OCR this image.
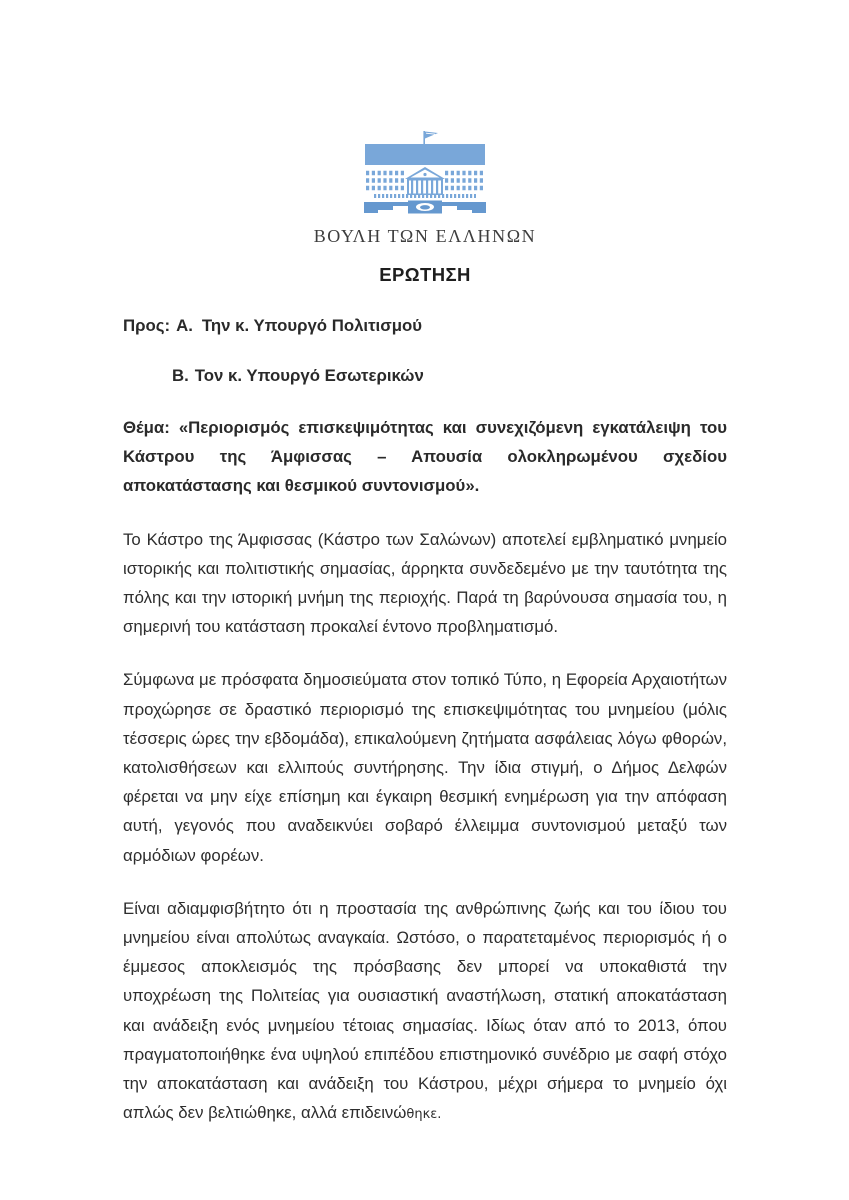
ΒΟΥΛΗ ΤΩΝ ΕΛΛΗΝΩΝ
ΕΡΩΤΗΣΗ
Προς: Α. Την κ. Υπουργό Πολιτισμού
Β. Τον κ. Υπουργό Εσωτερικών

Θέμα: «Περιορισμός επισκεψιμότητας και συνεχιζόμενη εγκατάλειψη του Κάστρου της Άμφισσας – Απουσία ολοκληρωμένου σχεδίου αποκατάστασης και θεσμικού συντονισμού».

Το Κάστρο της Άμφισσας (Κάστρο των Σαλώνων) αποτελεί εμβληματικό μνημείο ιστορικής και πολιτιστικής σημασίας, άρρηκτα συνδεδεμένο με την ταυτότητα της πόλης και την ιστορική μνήμη της περιοχής. Παρά τη βαρύνουσα σημασία του, η σημερινή του κατάσταση προκαλεί έντονο προβληματισμό.

Σύμφωνα με πρόσφατα δημοσιεύματα στον τοπικό Τύπο, η Εφορεία Αρχαιοτήτων προχώρησε σε δραστικό περιορισμό της επισκεψιμότητας του μνημείου (μόλις τέσσερις ώρες την εβδομάδα), επικαλούμενη ζητήματα ασφάλειας λόγω φθορών, κατολισθήσεων και ελλιπούς συντήρησης. Την ίδια στιγμή, ο Δήμος Δελφών φέρεται να μην είχε επίσημη και έγκαιρη θεσμική ενημέρωση για την απόφαση αυτή, γεγονός που αναδεικνύει σοβαρό έλλειμμα συντονισμού μεταξύ των αρμόδιων φορέων.

Είναι αδιαμφισβήτητο ότι η προστασία της ανθρώπινης ζωής και του ίδιου του μνημείου είναι απολύτως αναγκαία. Ωστόσο, ο παρατεταμένος περιορισμός ή ο έμμεσος αποκλεισμός της πρόσβασης δεν μπορεί να υποκαθιστά την υποχρέωση της Πολιτείας για ουσιαστική αναστήλωση, στατική αποκατάσταση και ανάδειξη ενός μνημείου τέτοιας σημασίας. Ιδίως όταν από το 2013, όπου πραγματοποιήθηκε ένα υψηλού επιπέδου επιστημονικό συνέδριο με σαφή στόχο την αποκατάσταση και ανάδειξη του Κάστρου, μέχρι σήμερα το μνημείο όχι απλώς δεν βελτιώθηκε, αλλά επιδεινώθηκε.
